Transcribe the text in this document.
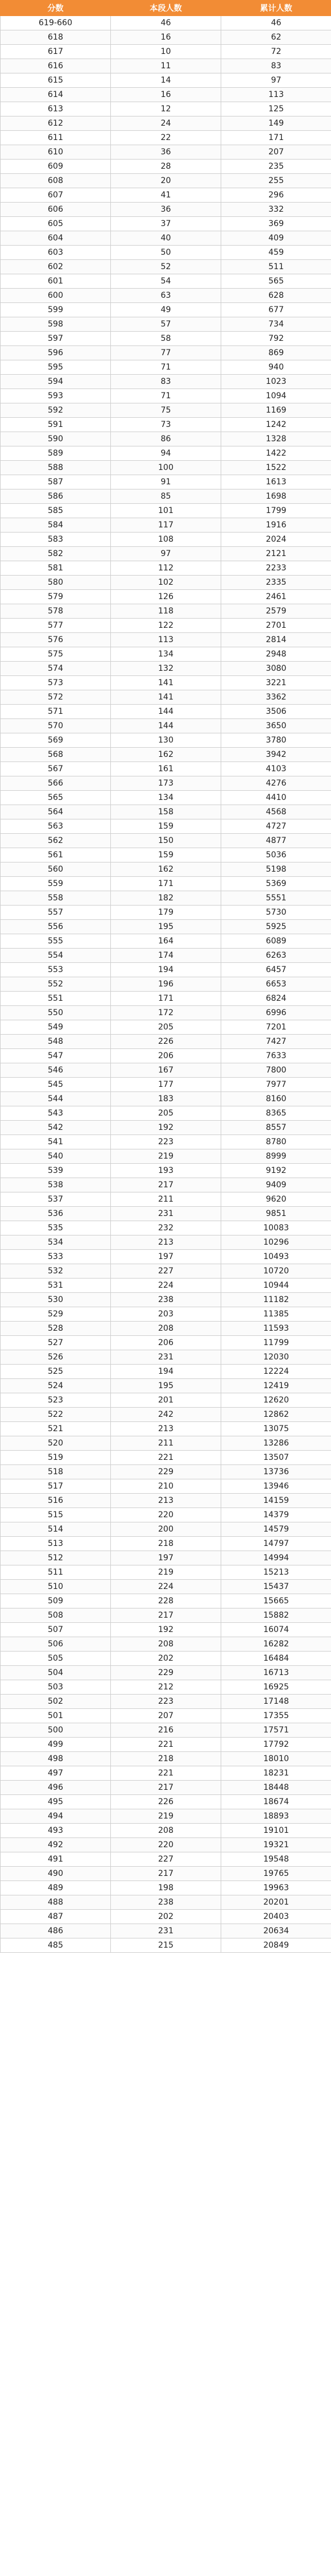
分数	本段人数	累计人数
619-660	46	46
618	16	62
617	10	72
616	11	83
615	14	97
614	16	113
613	12	125
612	24	149
611	22	171
610	36	207
609	28	235
608	20	255
607	41	296
606	36	332
605	37	369
604	40	409
603	50	459
602	52	511
601	54	565
600	63	628
599	49	677
598	57	734
597	58	792
596	77	869
595	71	940
594	83	1023
593	71	1094
592	75	1169
591	73	1242
590	86	1328
589	94	1422
588	100	1522
587	91	1613
586	85	1698
585	101	1799
584	117	1916
583	108	2024
582	97	2121
581	112	2233
580	102	2335
579	126	2461
578	118	2579
577	122	2701
576	113	2814
575	134	2948
574	132	3080
573	141	3221
572	141	3362
571	144	3506
570	144	3650
569	130	3780
568	162	3942
567	161	4103
566	173	4276
565	134	4410
564	158	4568
563	159	4727
562	150	4877
561	159	5036
560	162	5198
559	171	5369
558	182	5551
557	179	5730
556	195	5925
555	164	6089
554	174	6263
553	194	6457
552	196	6653
551	171	6824
550	172	6996
549	205	7201
548	226	7427
547	206	7633
546	167	7800
545	177	7977
544	183	8160
543	205	8365
542	192	8557
541	223	8780
540	219	8999
539	193	9192
538	217	9409
537	211	9620
536	231	9851
535	232	10083
534	213	10296
533	197	10493
532	227	10720
531	224	10944
530	238	11182
529	203	11385
528	208	11593
527	206	11799
526	231	12030
525	194	12224
524	195	12419
523	201	12620
522	242	12862
521	213	13075
520	211	13286
519	221	13507
518	229	13736
517	210	13946
516	213	14159
515	220	14379
514	200	14579
513	218	14797
512	197	14994
511	219	15213
510	224	15437
509	228	15665
508	217	15882
507	192	16074
506	208	16282
505	202	16484
504	229	16713
503	212	16925
502	223	17148
501	207	17355
500	216	17571
499	221	17792
498	218	18010
497	221	18231
496	217	18448
495	226	18674
494	219	18893
493	208	19101
492	220	19321
491	227	19548
490	217	19765
489	198	19963
488	238	20201
487	202	20403
486	231	20634
485	215	20849
